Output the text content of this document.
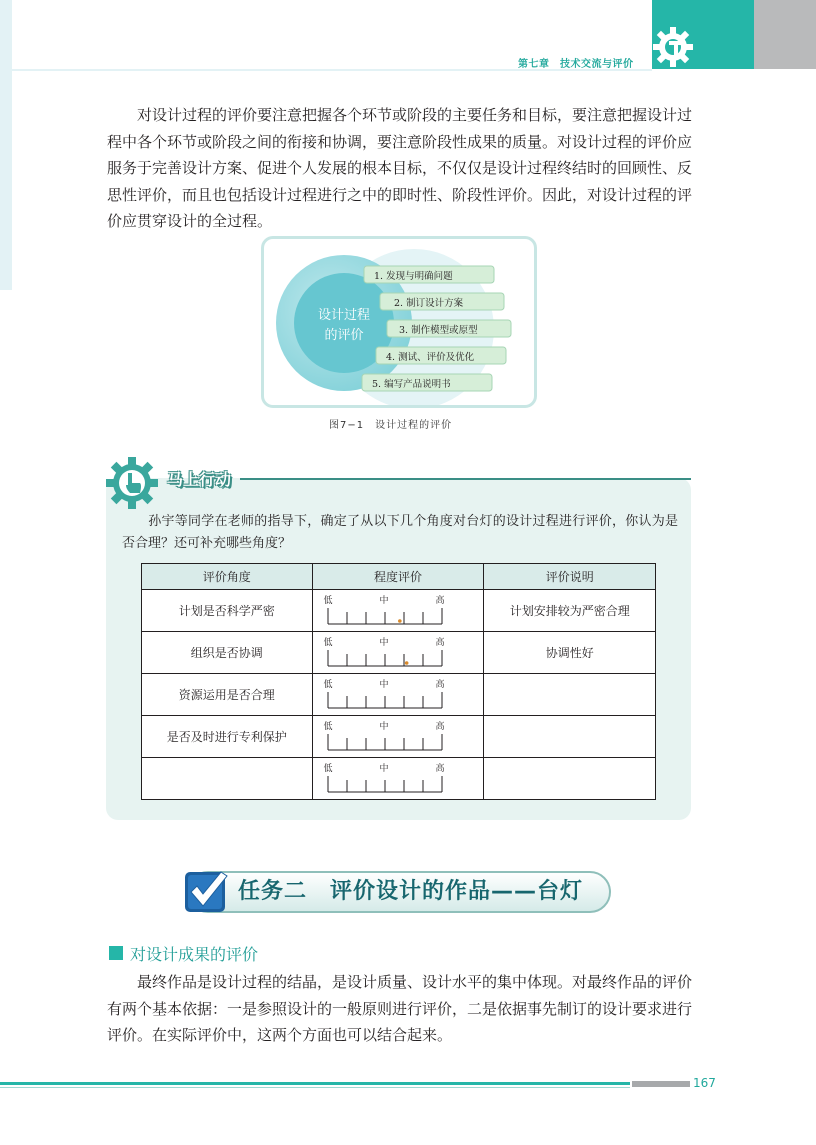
第七章　技术交流与评价
对设计过程的评价要注意把握各个环节或阶段的主要任务和目标，要注意把握设计过程中各个环节或阶段之间的衔接和协调，要注意阶段性成果的质量。对设计过程的评价应服务于完善设计方案、促进个人发展的根本目标，不仅仅是设计过程终结时的回顾性、反思性评价，而且也包括设计过程进行之中的即时性、阶段性评价。因此，对设计过程的评价应贯穿设计的全过程。
设计过程
的评价
1. 发现与明确问题
2. 制订设计方案
3. 制作模型或原型
4. 测试、评价及优化
5. 编写产品说明书
图7−1　设计过程的评价
马上行动
孙宇等同学在老师的指导下，确定了从以下几个角度对台灯的设计过程进行评价，你认为是否合理？还可补充哪些角度？
评价角度	程度评价	评价说明
计划是否科学严密	低 中 高	计划安排较为严密合理
组织是否协调	低 中 高	协调性好
资源运用是否合理	低 中 高	

是否及时进行专利保护	低 中 高	

	低 中 高	

任务二　评价设计的作品——台灯
对设计成果的评价
最终作品是设计过程的结晶，是设计质量、设计水平的集中体现。对最终作品的评价有两个基本依据：一是参照设计的一般原则进行评价，二是依据事先制订的设计要求进行评价。在实际评价中，这两个方面也可以结合起来。
167
